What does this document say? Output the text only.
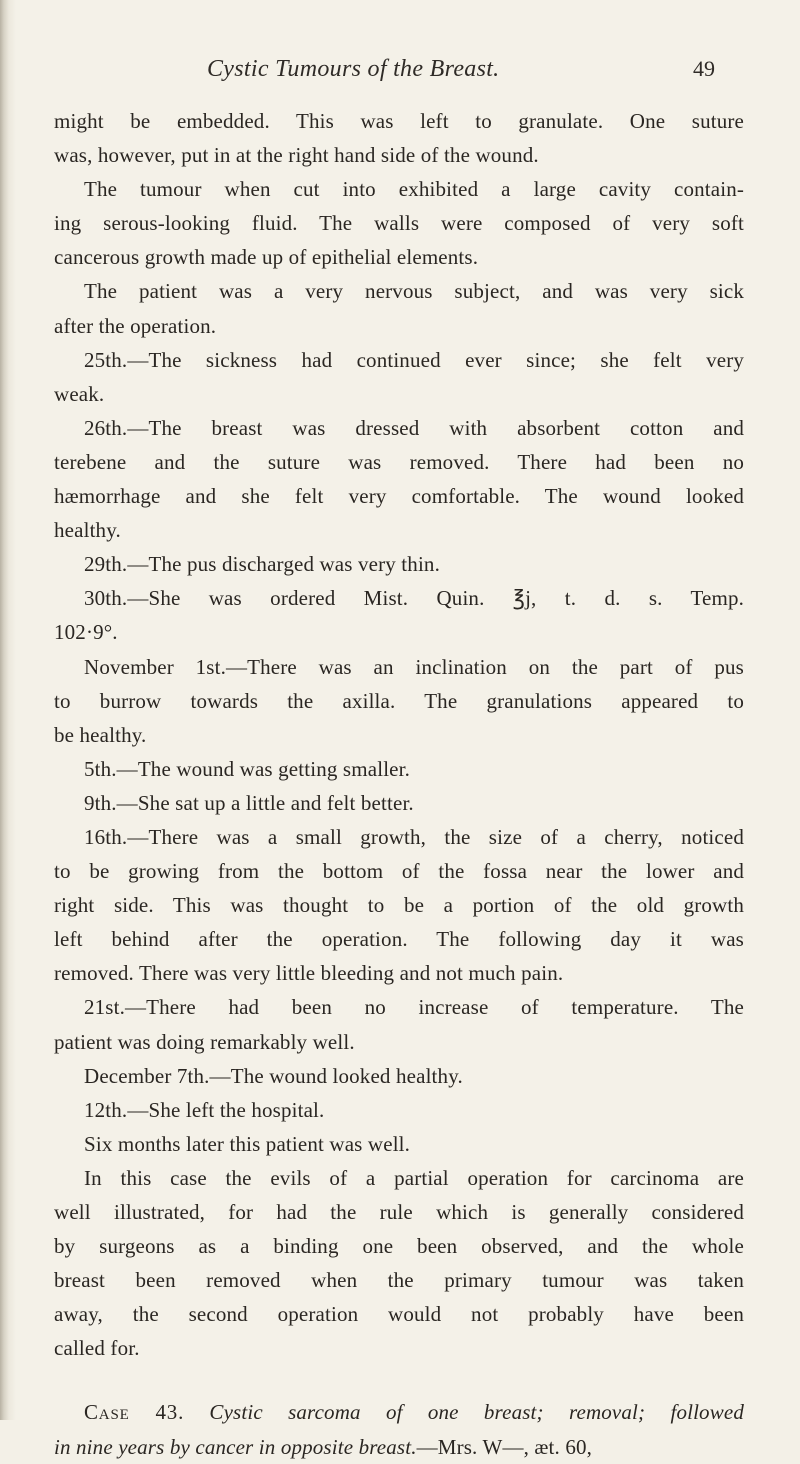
Cystic Tumours of the Breast.	49
might be embedded. This was left to granulate. One suture
was, however, put in at the right hand side of the wound.
The tumour when cut into exhibited a large cavity contain-
ing serous-looking fluid. The walls were composed of very soft
cancerous growth made up of epithelial elements.
The patient was a very nervous subject, and was very sick
after the operation.
25th.—The sickness had continued ever since; she felt very
weak.
26th.—The breast was dressed with absorbent cotton and
terebene and the suture was removed. There had been no
hæmorrhage and she felt very comfortable. The wound looked
healthy.
29th.—The pus discharged was very thin.
30th.—She was ordered Mist. Quin. ℥j, t. d. s. Temp.
102·9°.
November 1st.—There was an inclination on the part of pus
to burrow towards the axilla. The granulations appeared to
be healthy.
5th.—The wound was getting smaller.
9th.—She sat up a little and felt better.
16th.—There was a small growth, the size of a cherry, noticed
to be growing from the bottom of the fossa near the lower and
right side. This was thought to be a portion of the old growth
left behind after the operation. The following day it was
removed. There was very little bleeding and not much pain.
21st.—There had been no increase of temperature. The
patient was doing remarkably well.
December 7th.—The wound looked healthy.
12th.—She left the hospital.
Six months later this patient was well.
In this case the evils of a partial operation for carcinoma are
well illustrated, for had the rule which is generally considered
by surgeons as a binding one been observed, and the whole
breast been removed when the primary tumour was taken
away, the second operation would not probably have been
called for.
Case 43. Cystic sarcoma of one breast; removal; followed
in nine years by cancer in opposite breast.—Mrs. W—, æt. 60,
